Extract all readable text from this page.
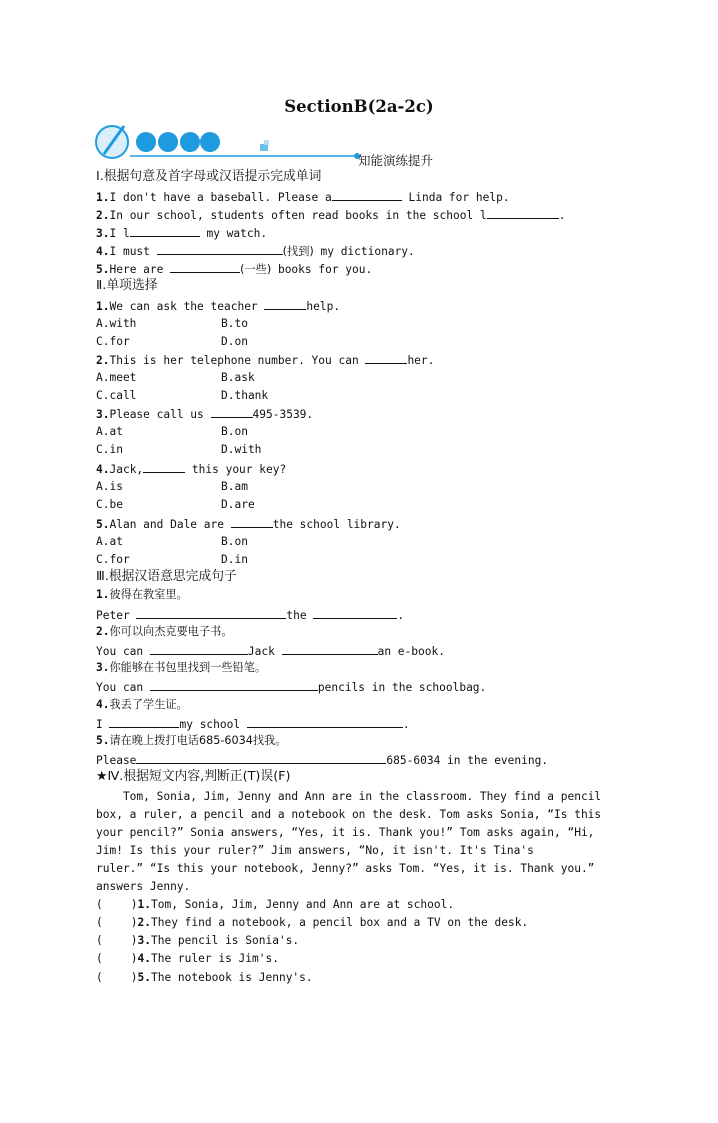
SectionB(2a-2c)
知能演练提升
Ⅰ.根据句意及首字母或汉语提示完成单词
1.I don't have a baseball. Please a	Linda for help.
2.In our school, students often read books in the school l	.
3.I l	my watch.
4.I must	(找到) my dictionary.
5.Here are	(一些) books for you.
Ⅱ.单项选择
1.We can ask the teacher	help.
A.with	B.to
C.for	D.on
2.This is her telephone number. You can	her.
A.meet	B.ask
C.call	D.thank
3.Please call us	495-3539.
A.at	B.on
C.in	D.with
4.Jack,	this your key?
A.is	B.am
C.be	D.are
5.Alan and Dale are	the school library.
A.at	B.on
C.for	D.in
Ⅲ.根据汉语意思完成句子
1.彼得在教室里。
Peter	the	.
2.你可以向杰克要电子书。
You can	Jack	an e-book.
3.你能够在书包里找到一些铅笔。
You can	pencils in the schoolbag.
4.我丢了学生证。
I	my school	.
5.请在晚上拨打电话685-6034找我。
Please	685-6034 in the evening.
★Ⅳ.根据短文内容,判断正(T)误(F)
Tom, Sonia, Jim, Jenny and Ann are in the classroom. They find a pencil
box, a ruler, a pencil and a notebook on the desk. Tom asks Sonia, “Is this
your pencil?” Sonia answers, “Yes, it is. Thank you!” Tom asks again, “Hi,
Jim! Is this your ruler?” Jim answers, “No, it isn't. It's Tina's
ruler.” “Is this your notebook, Jenny?” asks Tom. “Yes, it is. Thank you.”
answers Jenny.
(	)1.Tom, Sonia, Jim, Jenny and Ann are at school.
(	)2.They find a notebook, a pencil box and a TV on the desk.
(	)3.The pencil is Sonia's.
(	)4.The ruler is Jim's.
(	)5.The notebook is Jenny's.
